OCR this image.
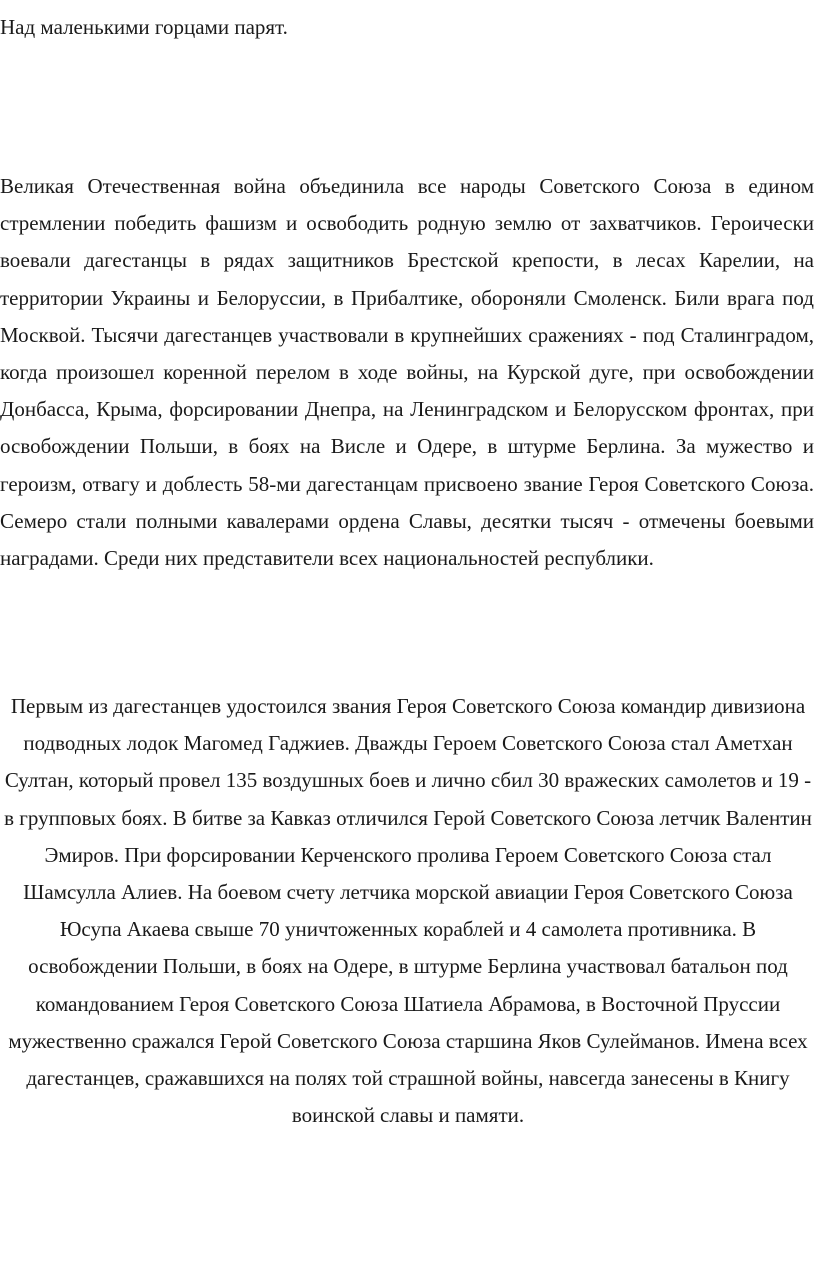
Над маленькими горцами парят.

Великая Отечественная война объединила все народы Советского Союза в едином стремлении победить фашизм и освободить родную землю от захватчиков. Героически воевали дагестанцы в рядах защитников Брестской крепости, в лесах Карелии, на территории Украины и Белоруссии, в Прибалтике, обороняли Смоленск. Били врага под Москвой. Тысячи дагестанцев участвовали в крупнейших сражениях - под Сталинградом, когда произошел коренной перелом в ходе войны, на Курской дуге, при освобождении Донбасса, Крыма, форсировании Днепра, на Ленинградском и Белорусском фронтах, при освобождении Польши, в боях на Висле и Одере, в штурме Берлина. За мужество и героизм, отвагу и доблесть 58-ми дагестанцам присвоено звание Героя Советского Союза. Семеро стали полными кавалерами ордена Славы, десятки тысяч - отмечены боевыми наградами. Среди них представители всех национальностей республики.

Первым из дагестанцев удостоился звания Героя Советского Союза командир дивизиона подводных лодок Магомед Гаджиев. Дважды Героем Советского Союза стал Аметхан Султан, который провел 135 воздушных боев и лично сбил 30 вражеских самолетов и 19 - в групповых боях. В битве за Кавказ отличился Герой Советского Союза летчик Валентин Эмиров. При форсировании Керченского пролива Героем Советского Союза стал Шамсулла Алиев. На боевом счету летчика морской авиации Героя Советского Союза Юсупа Акаева свыше 70 уничтоженных кораблей и 4 самолета противника. В освобождении Польши, в боях на Одере, в штурме Берлина участвовал батальон под командованием Героя Советского Союза Шатиела Абрамова, в Восточной Пруссии мужественно сражался Герой Советского Союза старшина Яков Сулейманов. Имена всех дагестанцев, сражавшихся на полях той страшной войны, навсегда занесены в Книгу воинской славы и памяти.
